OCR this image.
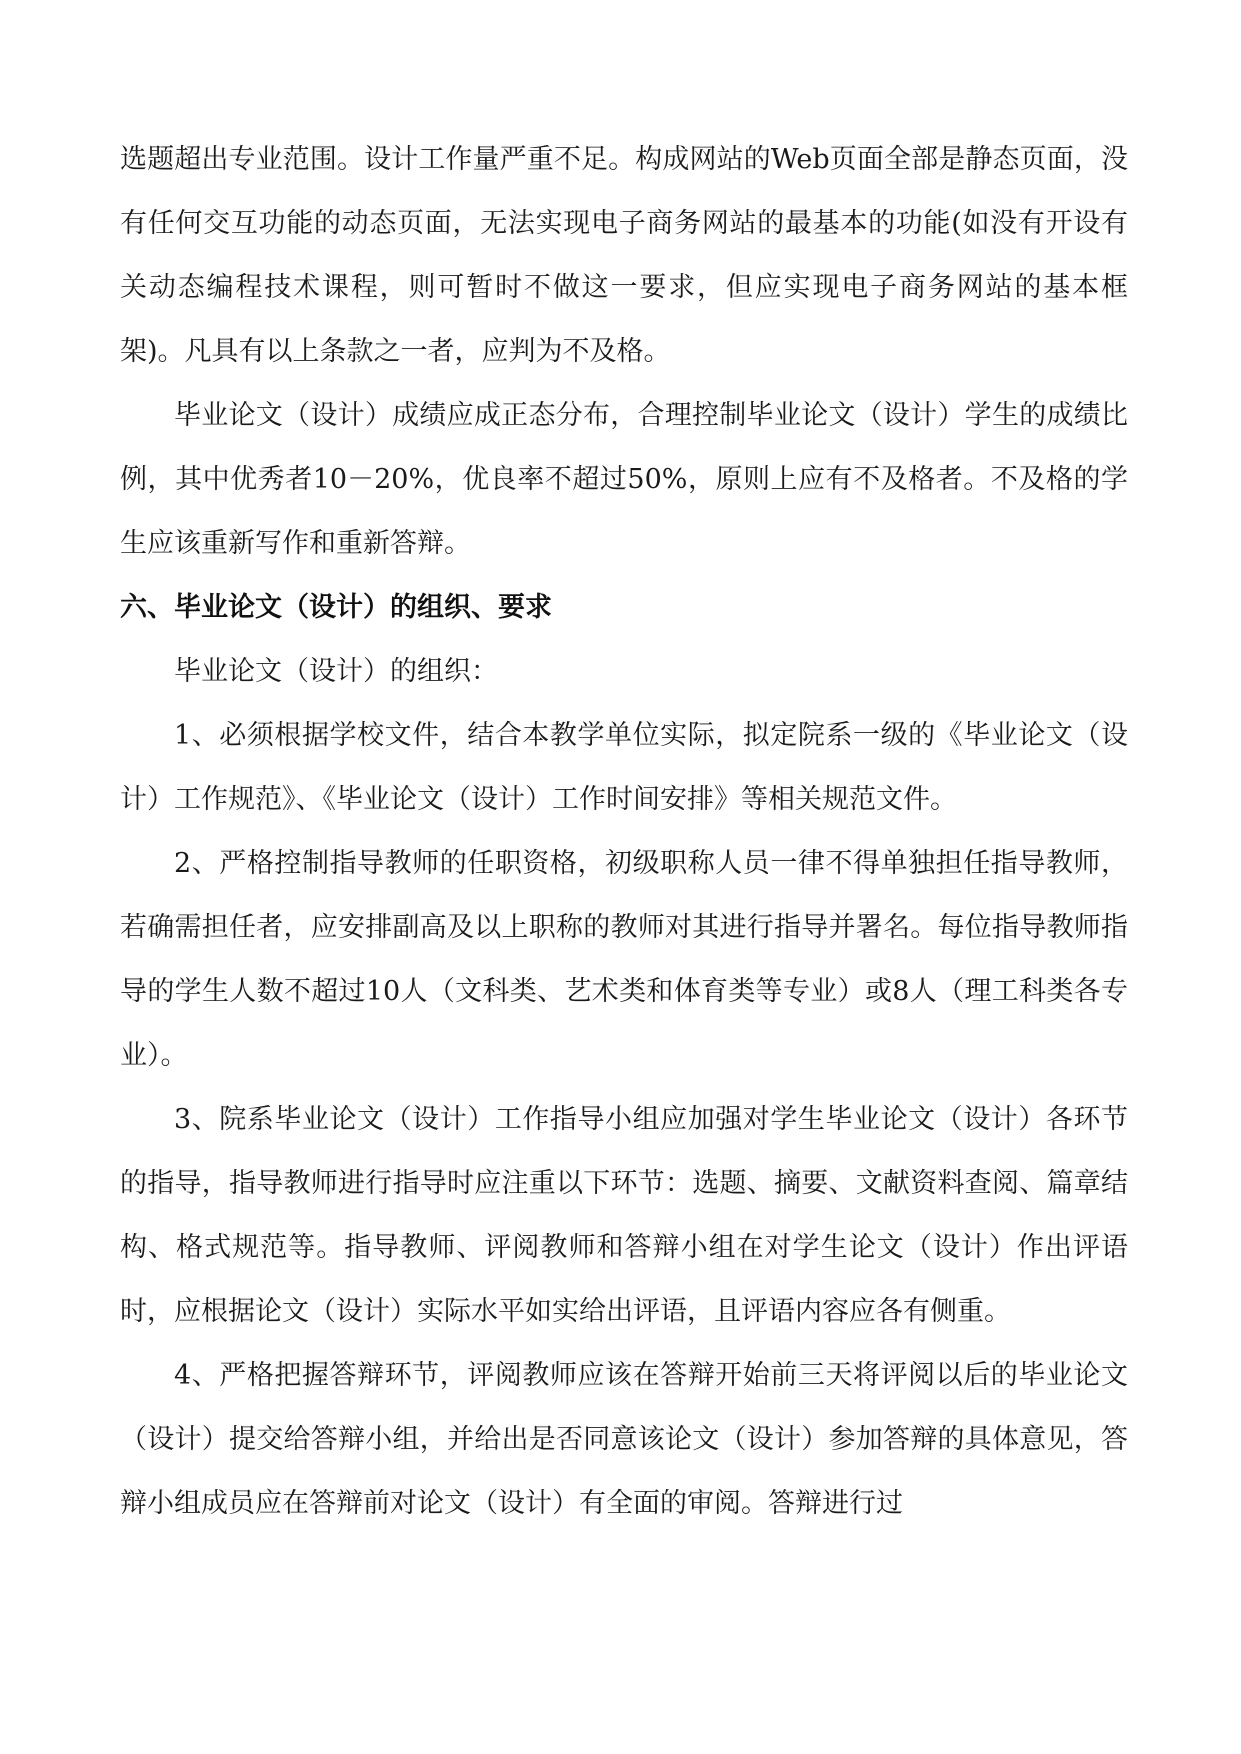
选题超出专业范围。设计工作量严重不足。构成网站的Web页面全部是静态页面，没有任何交互功能的动态页面，无法实现电子商务网站的最基本的功能(如没有开设有关动态编程技术课程，则可暂时不做这一要求，但应实现电子商务网站的基本框架)。凡具有以上条款之一者，应判为不及格。

毕业论文（设计）成绩应成正态分布，合理控制毕业论文（设计）学生的成绩比例，其中优秀者10－20%，优良率不超过50%，原则上应有不及格者。不及格的学生应该重新写作和重新答辩。

六、毕业论文（设计）的组织、要求

毕业论文（设计）的组织：

1、必须根据学校文件，结合本教学单位实际，拟定院系一级的《毕业论文（设计）工作规范》、《毕业论文（设计）工作时间安排》等相关规范文件。

2、严格控制指导教师的任职资格，初级职称人员一律不得单独担任指导教师，若确需担任者，应安排副高及以上职称的教师对其进行指导并署名。每位指导教师指导的学生人数不超过10人（文科类、艺术类和体育类等专业）或8人（理工科类各专业）。

3、院系毕业论文（设计）工作指导小组应加强对学生毕业论文（设计）各环节的指导，指导教师进行指导时应注重以下环节：选题、摘要、文献资料查阅、篇章结构、格式规范等。指导教师、评阅教师和答辩小组在对学生论文（设计）作出评语时，应根据论文（设计）实际水平如实给出评语，且评语内容应各有侧重。

4、严格把握答辩环节，评阅教师应该在答辩开始前三天将评阅以后的毕业论文（设计）提交给答辩小组，并给出是否同意该论文（设计）参加答辩的具体意见，答辩小组成员应在答辩前对论文（设计）有全面的审阅。答辩进行过
